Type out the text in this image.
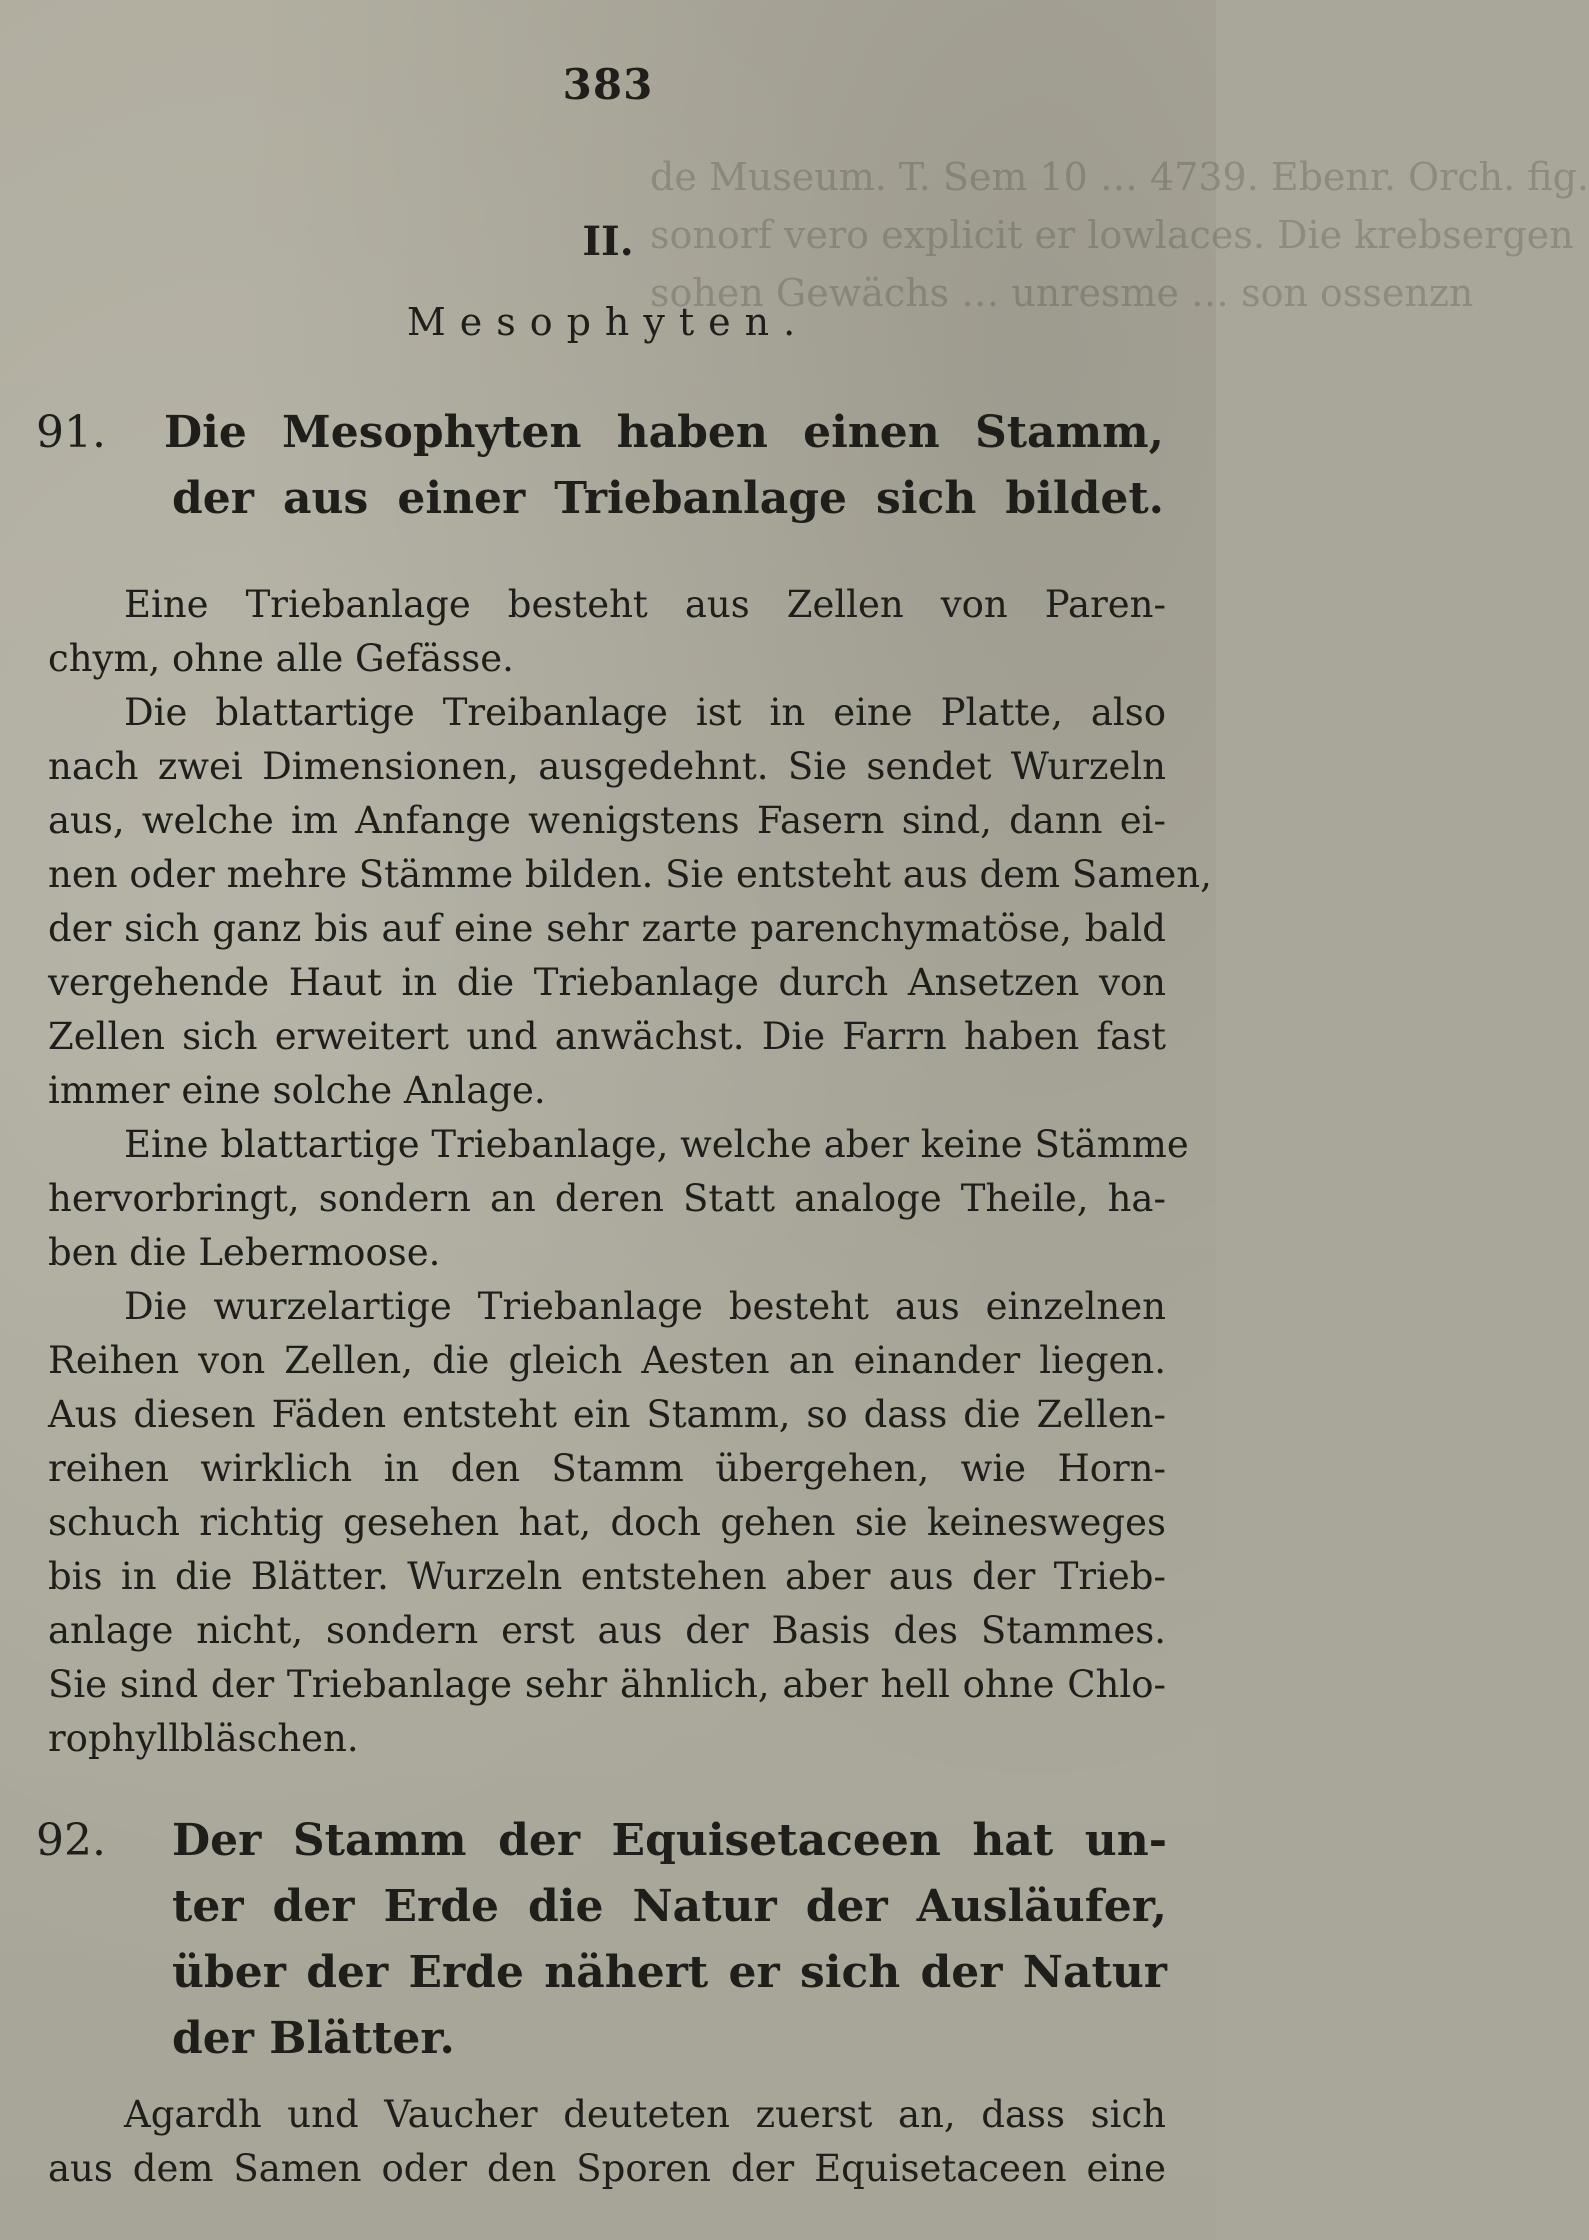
de Museum. T. Sem 10 … 4739. Ebenr. Orch. fig.
sonorf vero explicit er lowlaces. Die krebsergen
sohen Gewächs … unresme … son ossenzn
383
II.
Mesophyten.
91. Die Mesophyten haben einen Stamm,
der aus einer Triebanlage sich bildet.
Eine Triebanlage besteht aus Zellen von Paren-
chym, ohne alle Gefässe.
Die blattartige Treibanlage ist in eine Platte, also
nach zwei Dimensionen, ausgedehnt. Sie sendet Wurzeln
aus, welche im Anfange wenigstens Fasern sind, dann ei-
nen oder mehre Stämme bilden. Sie entsteht aus dem Samen,
der sich ganz bis auf eine sehr zarte parenchymatöse, bald
vergehende Haut in die Triebanlage durch Ansetzen von
Zellen sich erweitert und anwächst. Die Farrn haben fast
immer eine solche Anlage.
Eine blattartige Triebanlage, welche aber keine Stämme
hervorbringt, sondern an deren Statt analoge Theile, ha-
ben die Lebermoose.
Die wurzelartige Triebanlage besteht aus einzelnen
Reihen von Zellen, die gleich Aesten an einander liegen.
Aus diesen Fäden entsteht ein Stamm, so dass die Zellen-
reihen wirklich in den Stamm übergehen, wie Horn-
schuch richtig gesehen hat, doch gehen sie keinesweges
bis in die Blätter. Wurzeln entstehen aber aus der Trieb-
anlage nicht, sondern erst aus der Basis des Stammes.
Sie sind der Triebanlage sehr ähnlich, aber hell ohne Chlo-
rophyllbläschen.
92. Der Stamm der Equisetaceen hat un-
ter der Erde die Natur der Ausläufer,
über der Erde nähert er sich der Natur
der Blätter.
Agardh und Vaucher deuteten zuerst an, dass sich
aus dem Samen oder den Sporen der Equisetaceen eine
